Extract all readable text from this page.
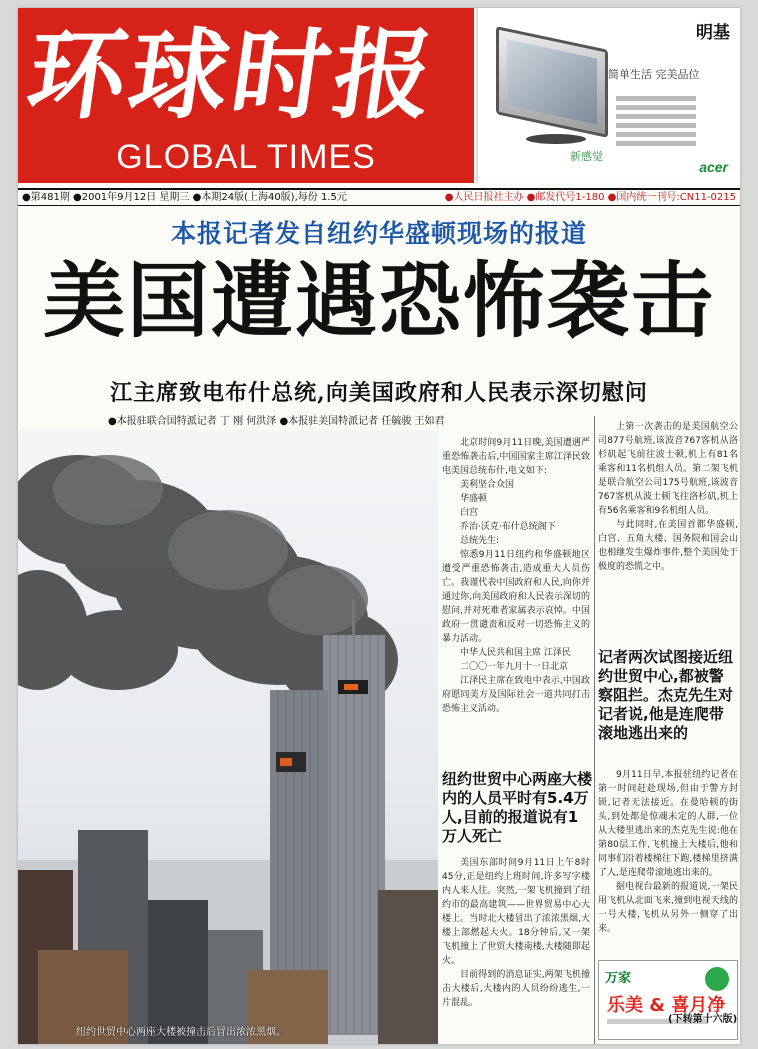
环球时报
GLOBAL TIMES
明基
简单生活 完美品位
新感觉
acer
●第481期 ●2001年9月12日 星期三 ●本期24版(上海40版),每份 1.5元	●人民日报社主办 ●邮发代号1-180 ●国内统一刊号:CN11-0215
本报记者发自纽约华盛顿现场的报道
美国遭遇恐怖袭击
江主席致电布什总统,向美国政府和人民表示深切慰问
●本报驻联合国特派记者 丁 刚 何洪泽 ●本报驻美国特派记者 任毓骏 王如君
纽约世贸中心两座大楼被撞击后冒出浓浓黑烟。

北京时间9月11日晚,美国遭遇严重恐怖袭击后,中国国家主席江泽民致电美国总统布什,电文如下:

美利坚合众国

华盛顿

白宫

乔治·沃克·布什总统阁下

总统先生:

惊悉9月11日纽约和华盛顿地区遭受严重恐怖袭击,造成重大人员伤亡。我谨代表中国政府和人民,向你并通过你,向美国政府和人民表示深切的慰问,并对死难者家属表示哀悼。中国政府一贯谴责和反对一切恐怖主义的暴力活动。

中华人民共和国主席 江泽民

二〇〇一年九月十一日北京

江泽民主席在致电中表示,中国政府愿同美方及国际社会一道共同打击恐怖主义活动。

上第一次袭击的是美国航空公司877号航班,该波音767客机从洛杉矶起飞前往波士顿,机上有81名乘客和11名机组人员。第二架飞机是联合航空公司175号航班,该波音767客机从波士顿飞往洛杉矶,机上有56名乘客和9名机组人员。

与此同时,在美国首都华盛顿,白宫、五角大楼、国务院和国会山也相继发生爆炸事件,整个美国处于极度的恐慌之中。

记者两次试图接近纽约世贸中心,都被警察阻拦。杰克先生对记者说,他是连爬带滚地逃出来的

9月11日早,本报驻纽约记者在第一时间赶赴现场,但由于警方封锁,记者无法接近。在曼哈顿的街头,到处都是惊魂未定的人群,一位从大楼里逃出来的杰克先生说:他在第80层工作,飞机撞上大楼后,他和同事们沿着楼梯往下跑,楼梯里挤满了人,是连爬带滚地逃出来的。

据电视台最新的报道说,一架民用飞机从北面飞来,撞到电视天线的一号大楼,飞机从另外一侧穿了出来。

纽约世贸中心两座大楼内的人员平时有5.4万人,目前的报道说有1万人死亡

美国东部时间9月11日上午8时45分,正是纽约上班时间,许多写字楼内人来人往。突然,一架飞机撞到了纽约市的最高建筑——世界贸易中心大楼上。当时北大楼冒出了浓浓黑烟,大楼上部燃起大火。18分钟后,又一架飞机撞上了世贸大楼南楼,大楼随即起火。

目前得到的消息证实,两架飞机撞击大楼后,大楼内的人员纷纷逃生,一片混乱。

万家
乐美 & 喜月净
(下转第十六版)
